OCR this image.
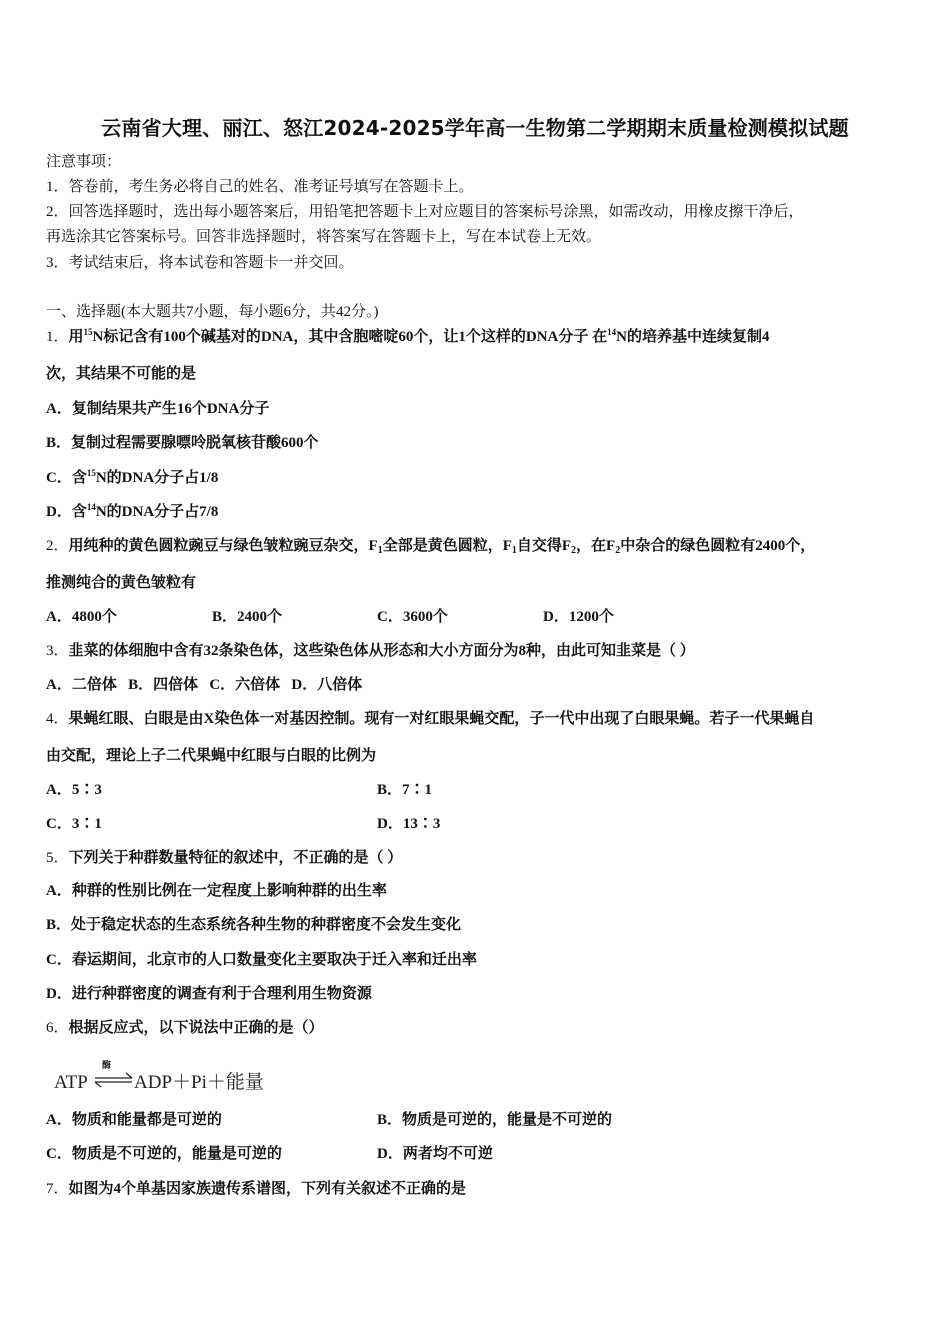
云南省大理、丽江、怒江2024-2025学年高一生物第二学期期末质量检测模拟试题
注意事项：
1．答卷前，考生务必将自己的姓名、准考证号填写在答题卡上。
2．回答选择题时，选出每小题答案后，用铅笔把答题卡上对应题目的答案标号涂黑，如需改动，用橡皮擦干净后，
再选涂其它答案标号。回答非选择题时，将答案写在答题卡上，写在本试卷上无效。
3．考试结束后，将本试卷和答题卡一并交回。
一、选择题(本大题共7小题，每小题6分，共42分。)
1．用$^{15}$N标记含有100个碱基对的DNA，其中含胞嘧啶60个，让1个这样的DNA分子 在$^{14}$N的培养基中连续复制4
次，其结果不可能的是
A．复制结果共产生16个DNA分子
B．复制过程需要腺嘌呤脱氧核苷酸600个
C．含$^{15}$N的DNA分子占1/8
D．含$^{14}$N的DNA分子占7/8
2．用纯种的黄色圆粒豌豆与绿色皱粒豌豆杂交，$F_1$全部是黄色圆粒，$F_1$自交得$F_2$，在$F_2$中杂合的绿色圆粒有2400个，
推测纯合的黄色皱粒有
A．4800个	B．2400个	C．3600个	D．1200个
3．韭菜的体细胞中含有32条染色体，这些染色体从形态和大小方面分为8种，由此可知韭菜是（ ）
A．二倍体   B．四倍体   C．六倍体   D．八倍体
4．果蝇红眼、白眼是由X染色体一对基因控制。现有一对红眼果蝇交配，子一代中出现了白眼果蝇。若子一代果蝇自
由交配，理论上子二代果蝇中红眼与白眼的比例为
A．5∶3	B．7∶1
C．3∶1	D．13∶3
5．下列关于种群数量特征的叙述中，不正确的是（ ）
A．种群的性别比例在一定程度上影响种群的出生率
B．处于稳定状态的生态系统各种生物的种群密度不会发生变化
C．春运期间，北京市的人口数量变化主要取决于迁入率和迁出率
D．进行种群密度的调查有利于合理利用生物资源
6．根据反应式，以下说法中正确的是（）
ATP
酶
ADP＋Pi＋能量
A．物质和能量都是可逆的	B．物质是可逆的，能量是不可逆的
C．物质是不可逆的，能量是可逆的	D．两者均不可逆
7．如图为4个单基因家族遗传系谱图，下列有关叙述不正确的是
